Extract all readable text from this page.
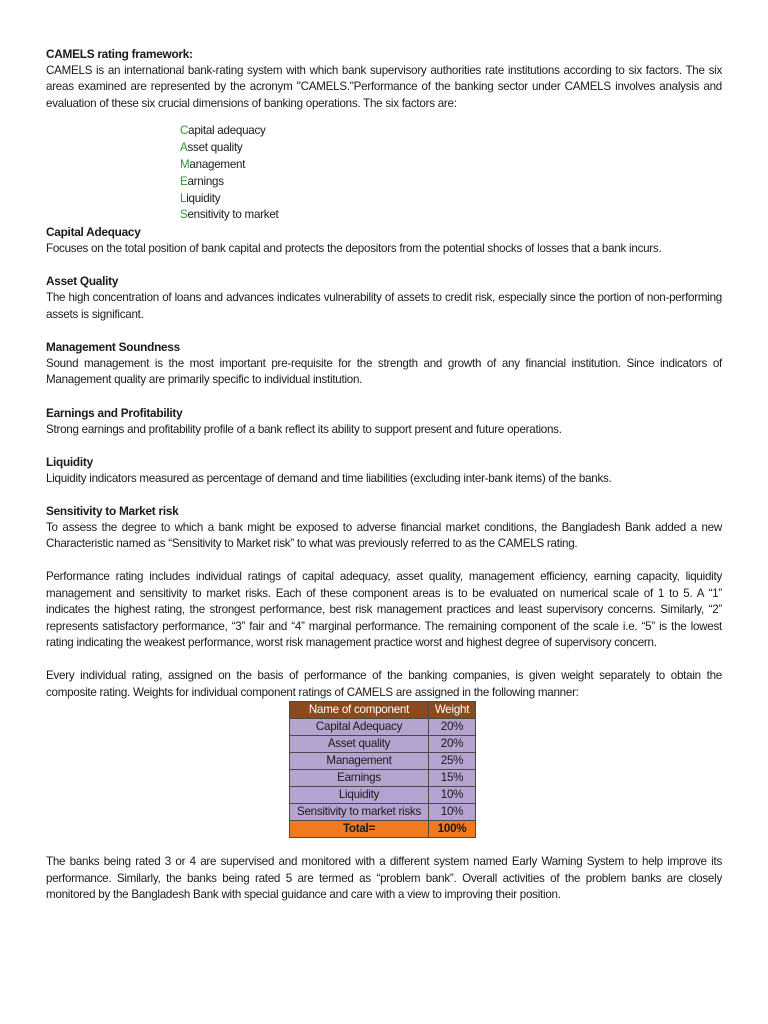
CAMELS rating framework:

CAMELS is an international bank-rating system with which bank supervisory authorities rate institutions according to six factors. The six areas examined are represented by the acronym "CAMELS."Performance of the banking sector under CAMELS involves analysis and evaluation of these six crucial dimensions of banking operations. The six factors are:

Capital adequacy
Asset quality
Management
Earnings
Liquidity
Sensitivity to market
Capital Adequacy

Focuses on the total position of bank capital and protects the depositors from the potential shocks of losses that a bank incurs.

Asset Quality

The high concentration of loans and advances indicates vulnerability of assets to credit risk, especially since the portion of non-performing assets is significant.

Management Soundness

Sound management is the most important pre-requisite for the strength and growth of any financial institution. Since indicators of Management quality are primarily specific to individual institution.

Earnings and Profitability

Strong earnings and profitability profile of a bank reflect its ability to support present and future operations.

Liquidity

Liquidity indicators measured as percentage of demand and time liabilities (excluding inter-bank items) of the banks.

Sensitivity to Market risk

To assess the degree to which a bank might be exposed to adverse financial market conditions, the Bangladesh Bank added a new Characteristic named as “Sensitivity to Market risk” to what was previously referred to as the CAMELS rating.

Performance rating includes individual ratings of capital adequacy, asset quality, management efficiency, earning capacity, liquidity management and sensitivity to market risks. Each of these component areas is to be evaluated on numerical scale of 1 to 5. A “1” indicates the highest rating, the strongest performance, best risk management practices and least supervisory concerns. Similarly, “2” represents satisfactory performance, “3” fair and “4” marginal performance. The remaining component of the scale i.e. “5” is the lowest rating indicating the weakest performance, worst risk management practice worst and highest degree of supervisory concern.

Every individual rating, assigned on the basis of performance of the banking companies, is given weight separately to obtain the composite rating. Weights for individual component ratings of CAMELS are assigned in the following manner:

Name of component	Weight
Capital Adequacy	20%
Asset quality	20%
Management	25%
Earnings	15%
Liquidity	10%
Sensitivity to market risks	10%
Total=	100%

The banks being rated 3 or 4 are supervised and monitored with a different system named Early Warning System to help improve its performance. Similarly, the banks being rated 5 are termed as “problem bank”. Overall activities of the problem banks are closely monitored by the Bangladesh Bank with special guidance and care with a view to improving their position.
